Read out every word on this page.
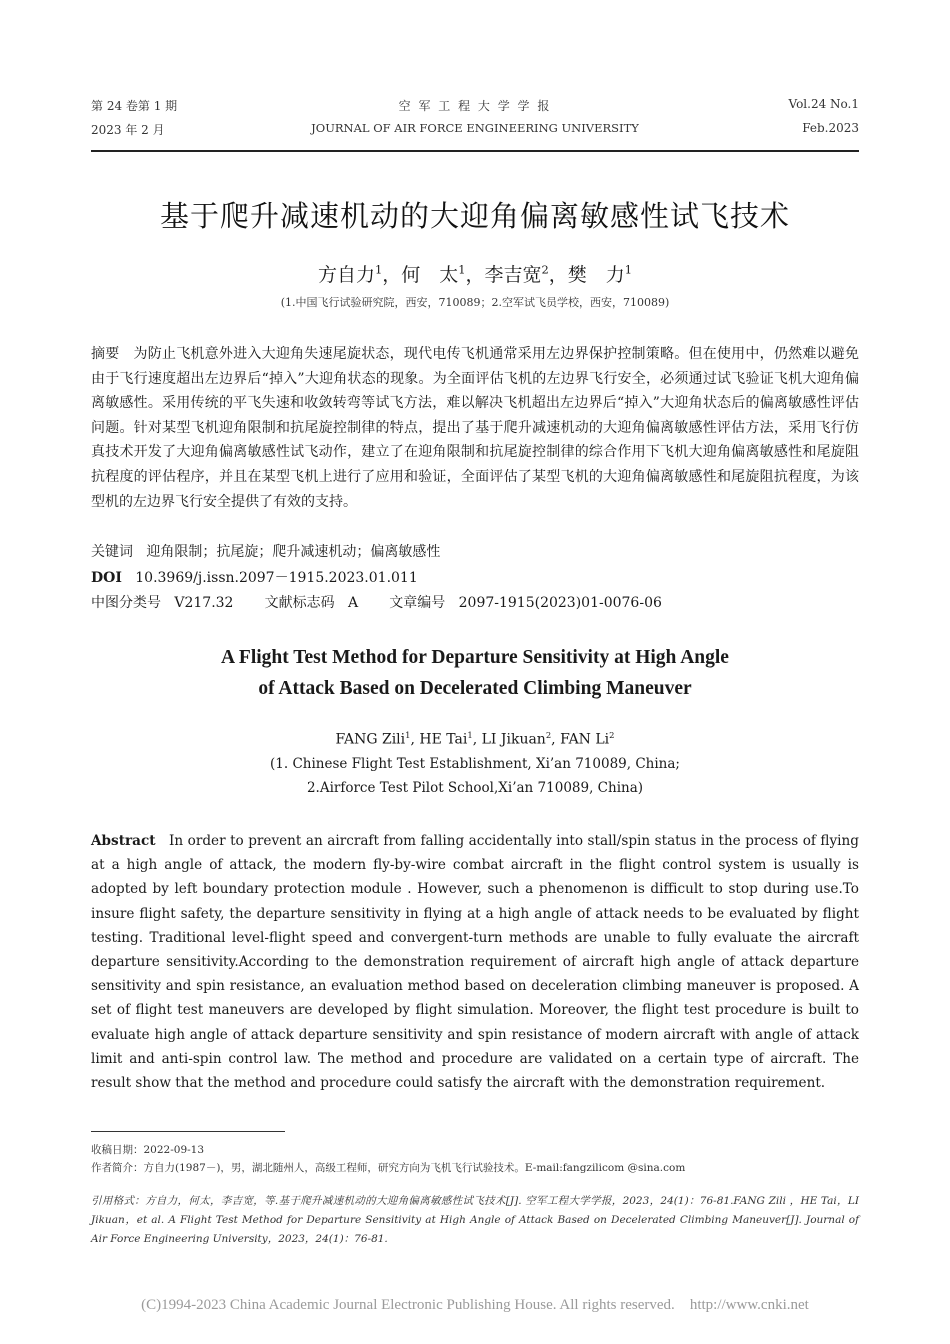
第 24 卷第 1 期
2023 年 2 月
空 军 工 程 大 学 学 报
JOURNAL OF AIR FORCE ENGINEERING UNIVERSITY
Vol.24 No.1
Feb.2023
基于爬升减速机动的大迎角偏离敏感性试飞技术
方自力$^1$，何　太$^1$，李吉宽$^2$，樊　力$^1$
(1.中国飞行试验研究院，西安，710089；2.空军试飞员学校，西安，710089)
摘要 为防止飞机意外进入大迎角失速尾旋状态，现代电传飞机通常采用左边界保护控制策略。但在使用中，仍然难以避免由于飞行速度超出左边界后“掉入”大迎角状态的现象。为全面评估飞机的左边界飞行安全，必须通过试飞验证飞机大迎角偏离敏感性。采用传统的平飞失速和收敛转弯等试飞方法，难以解决飞机超出左边界后“掉入”大迎角状态后的偏离敏感性评估问题。针对某型飞机迎角限制和抗尾旋控制律的特点，提出了基于爬升减速机动的大迎角偏离敏感性评估方法，采用飞行仿真技术开发了大迎角偏离敏感性试飞动作，建立了在迎角限制和抗尾旋控制律的综合作用下飞机大迎角偏离敏感性和尾旋阻抗程度的评估程序，并且在某型飞机上进行了应用和验证，全面评估了某型飞机的大迎角偏离敏感性和尾旋阻抗程度，为该型机的左边界飞行安全提供了有效的支持。
关键词 迎角限制；抗尾旋；爬升减速机动；偏离敏感性
DOI 10.3969/j.issn.2097－1915.2023.01.011
中图分类号 V217.32 文献标志码 A 文章编号 2097-1915(2023)01-0076-06
A Flight Test Method for Departure Sensitivity at High Angle
of Attack Based on Decelerated Climbing Maneuver
FANG Zili$^1$, HE Tai$^1$, LI Jikuan$^2$, FAN Li$^2$
(1. Chinese Flight Test Establishment, Xi’an 710089, China;
2.Airforce Test Pilot School,Xi’an 710089, China)
Abstract In order to prevent an aircraft from falling accidentally into stall/spin status in the process of flying at a high angle of attack, the modern fly-by-wire combat aircraft in the flight control system is usually is adopted by left boundary protection module . However, such a phenomenon is difficult to stop during use.To insure flight safety, the departure sensitivity in flying at a high angle of attack needs to be evaluated by flight testing. Traditional level-flight speed and convergent-turn methods are unable to fully evaluate the aircraft departure sensitivity.According to the demonstration requirement of aircraft high angle of attack departure sensitivity and spin resistance, an evaluation method based on deceleration climbing maneuver is proposed. A set of flight test maneuvers are developed by flight simulation. Moreover, the flight test procedure is built to evaluate high angle of attack departure sensitivity and spin resistance of modern aircraft with angle of attack limit and anti-spin control law. The method and procedure are validated on a certain type of aircraft. The result show that the method and procedure could satisfy the aircraft with the demonstration requirement.
收稿日期：2022-09-13
作者简介：方自力(1987－)，男，湖北随州人，高级工程师，研究方向为飞机飞行试验技术。E-mail:fangzilicom @sina.com
引用格式：方自力，何太，李吉宽，等.基于爬升减速机动的大迎角偏离敏感性试飞技术[J]. 空军工程大学学报，2023，24(1)：76-81.FANG Zili ，HE Tai，LI Jikuan，et al. A Flight Test Method for Departure Sensitivity at High Angle of Attack Based on Decelerated Climbing Maneuver[J]. Journal of Air Force Engineering University，2023，24(1)：76-81.
(C)1994-2023 China Academic Journal Electronic Publishing House. All rights reserved. http://www.cnki.net
